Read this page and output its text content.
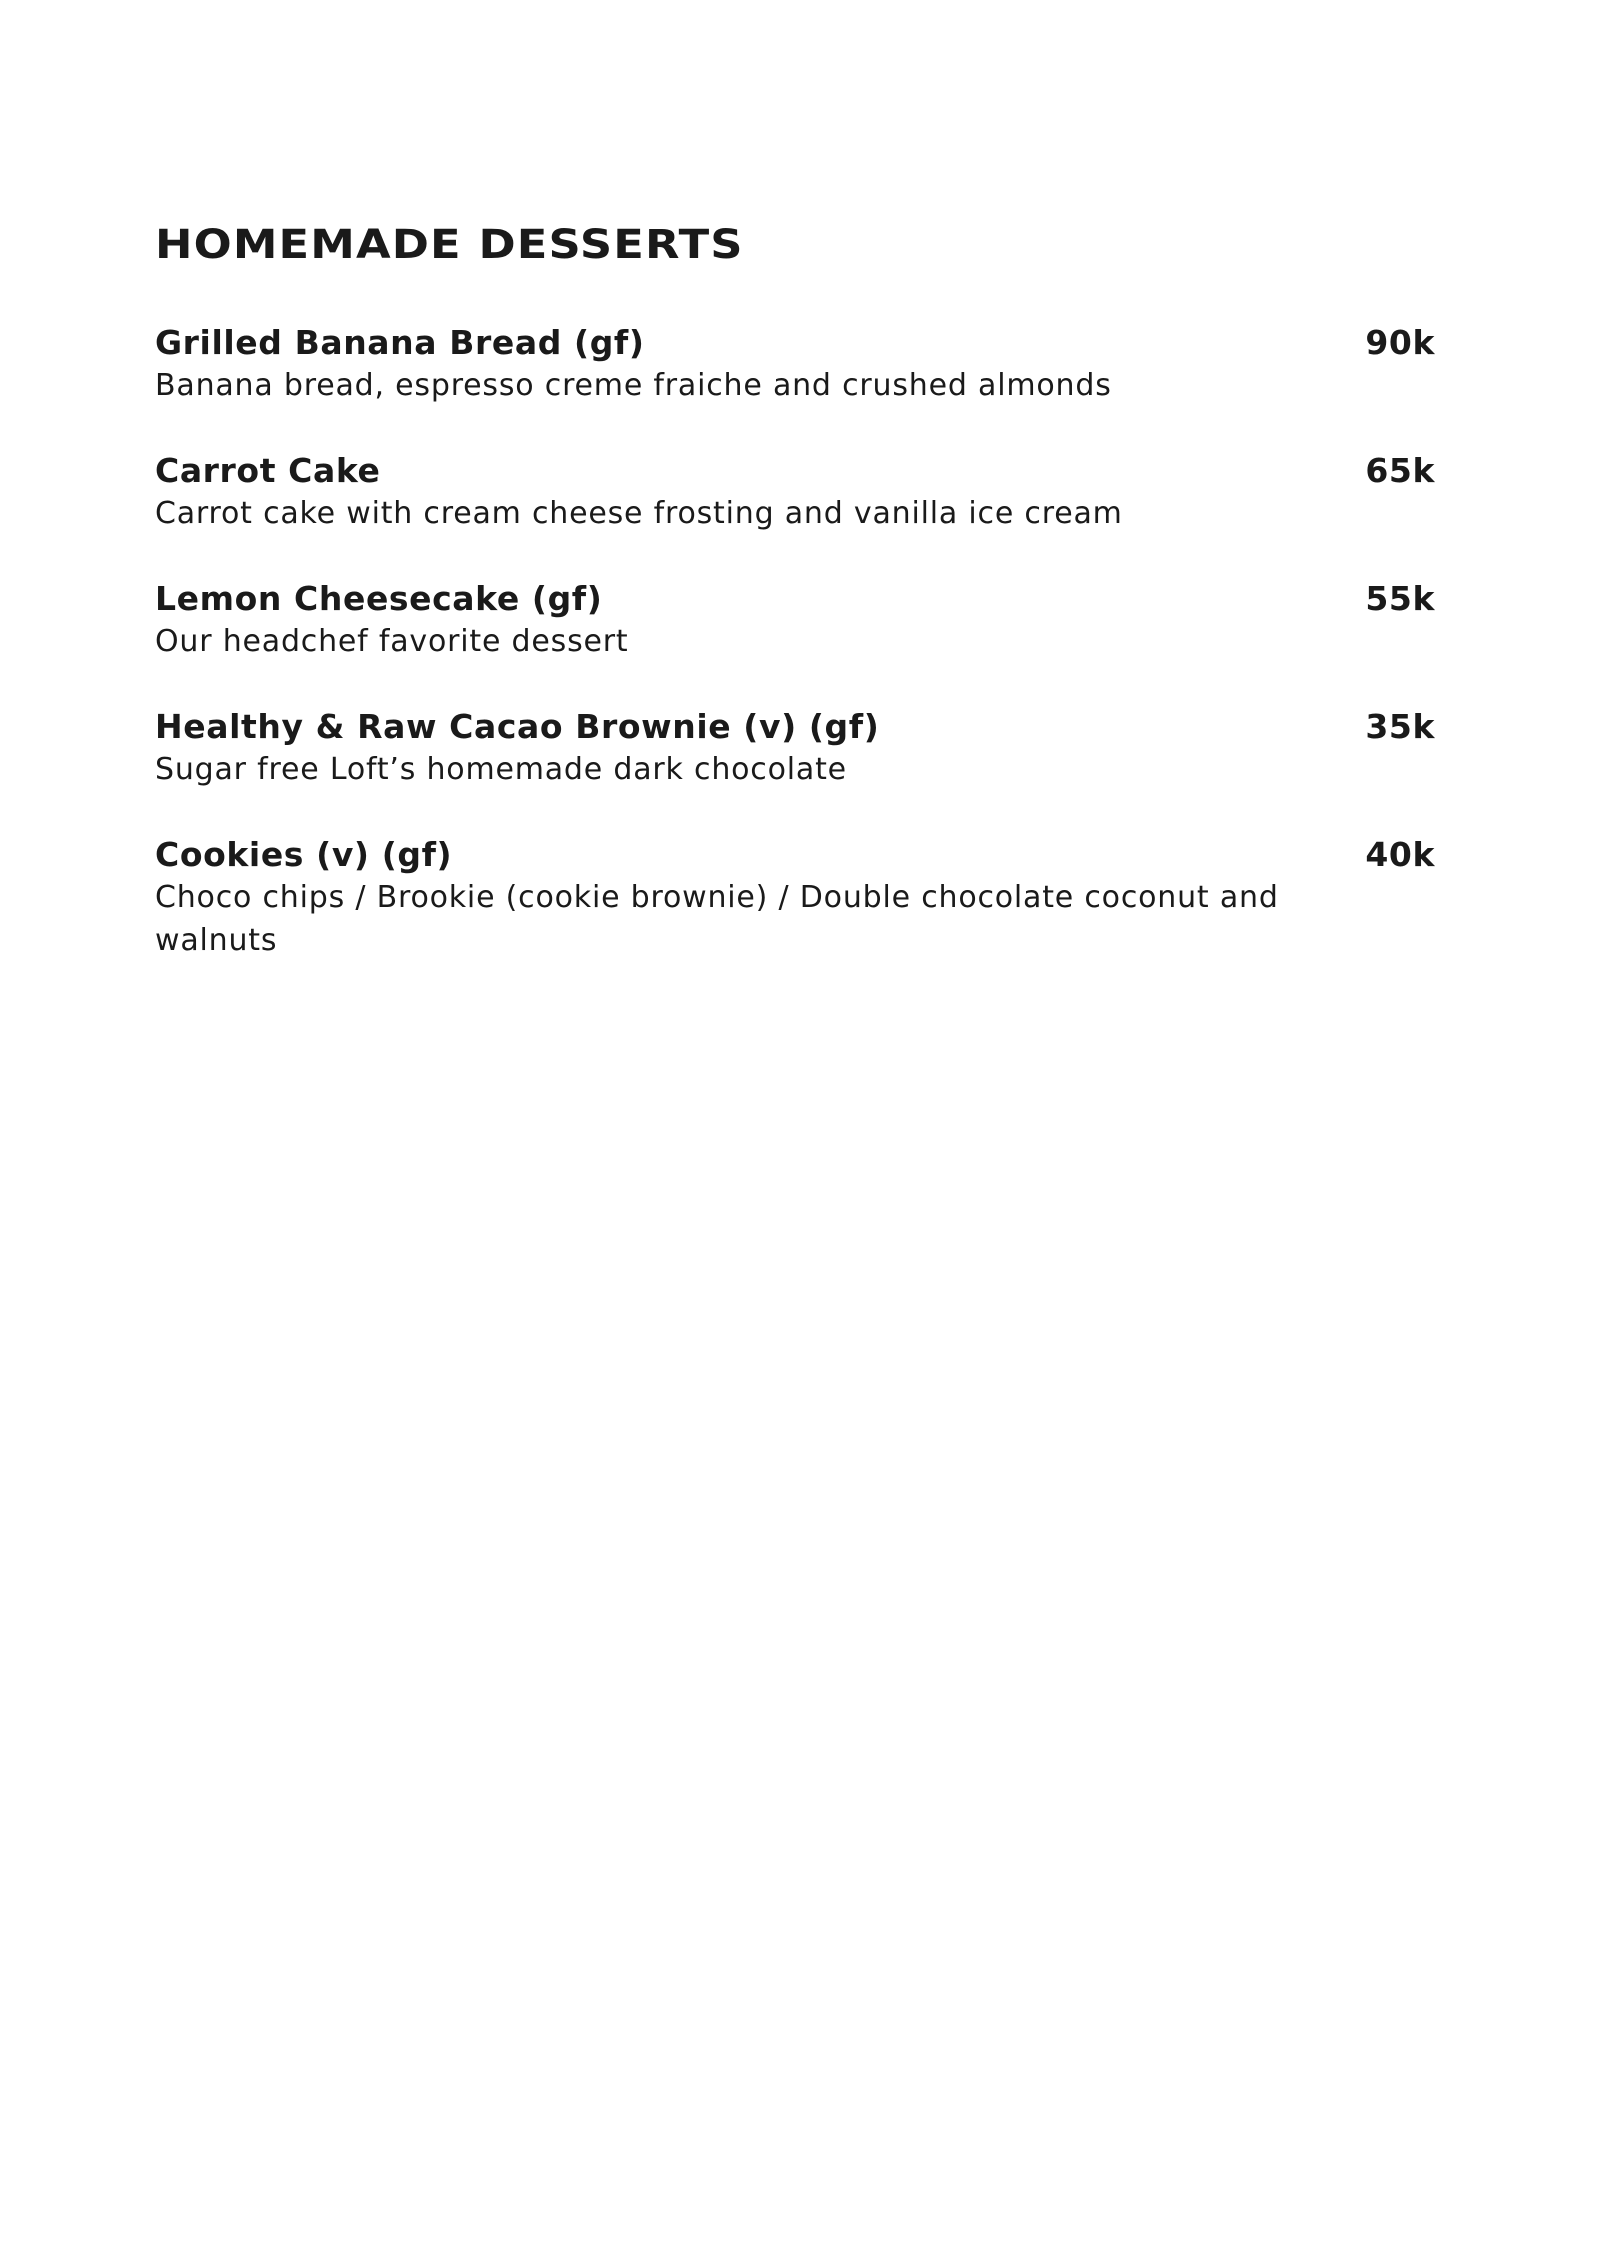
HOMEMADE DESSERTS
Grilled Banana Bread (gf)	90k
Banana bread, espresso creme fraiche and crushed almonds
Carrot Cake	65k
Carrot cake with cream cheese frosting and vanilla ice cream
Lemon Cheesecake (gf)	55k
Our headchef favorite dessert
Healthy & Raw Cacao Brownie (v) (gf)	35k
Sugar free Loft’s homemade dark chocolate
Cookies (v) (gf)	40k
Choco chips / Brookie (cookie brownie) / Double chocolate coconut and walnuts
